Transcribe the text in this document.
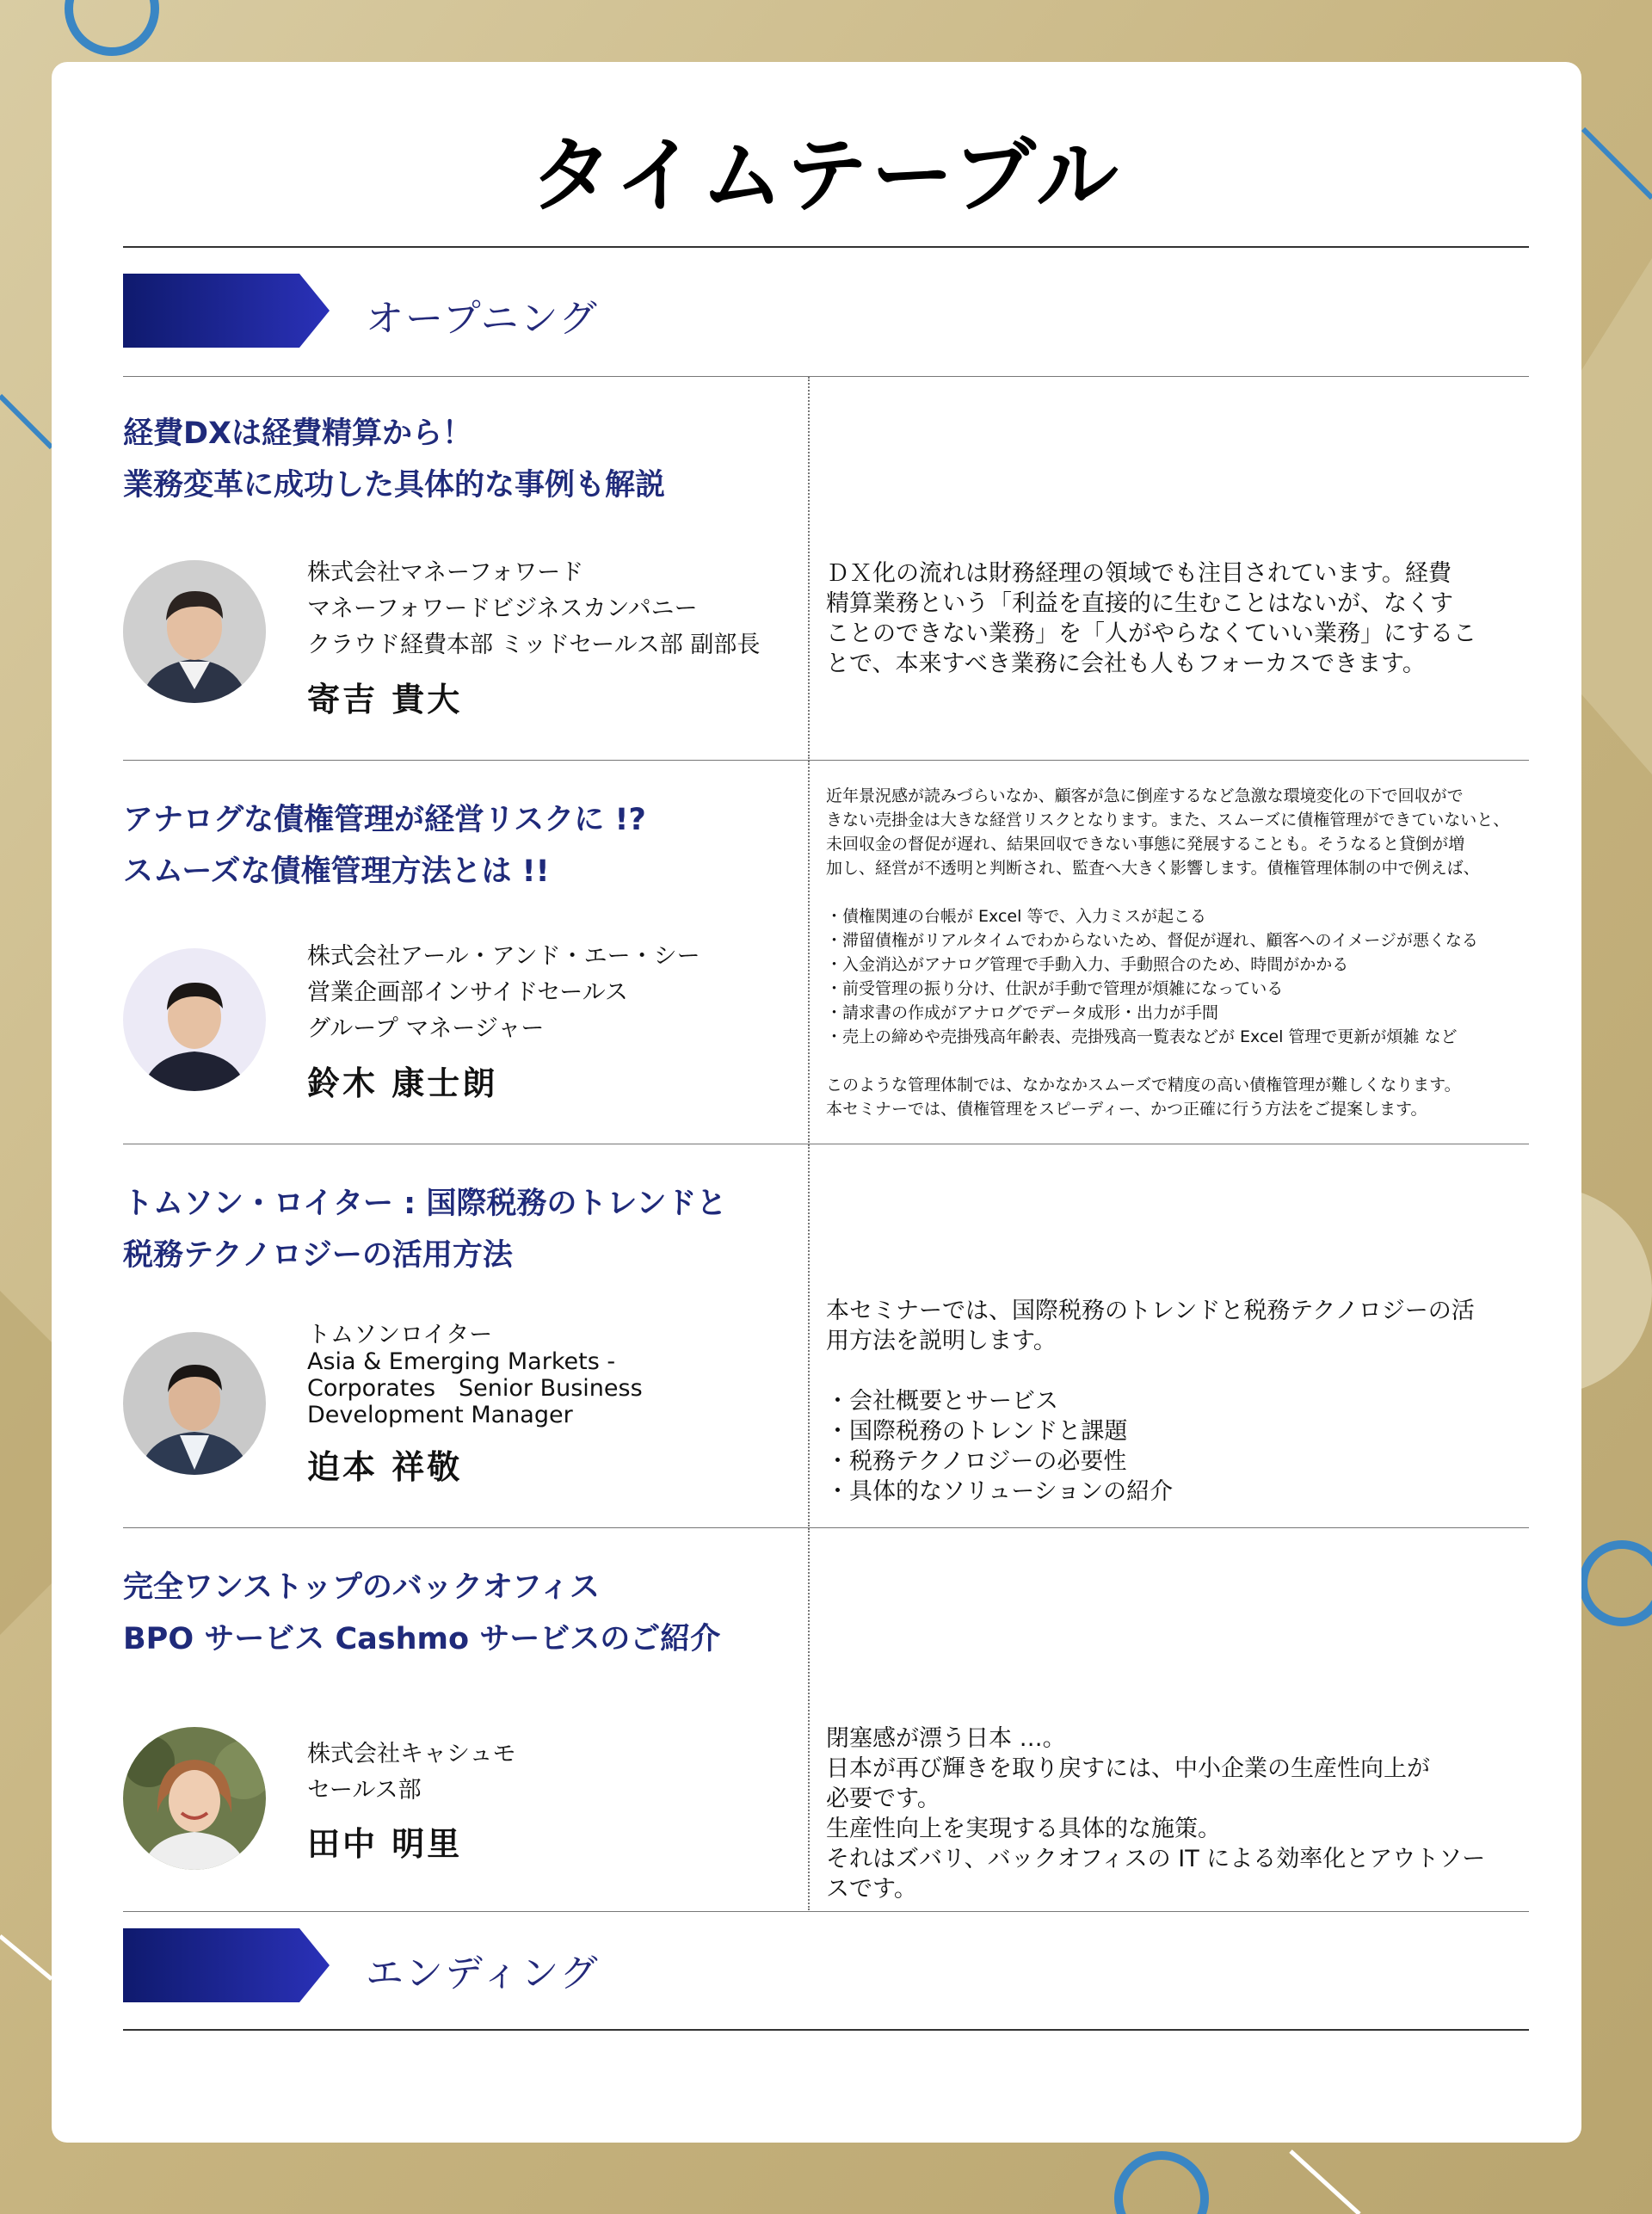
タイムテーブル
オープニング
経費DXは経費精算から！
業務変革に成功した具体的な事例も解説
株式会社マネーフォワード
マネーフォワードビジネスカンパニー
クラウド経費本部 ミッドセールス部 副部長
寄吉 貴大
ＤＸ化の流れは財務経理の領域でも注目されています。経費
精算業務という「利益を直接的に生むことはないが、なくす
ことのできない業務」を「人がやらなくていい業務」にするこ
とで、本来すべき業務に会社も人もフォーカスできます。
アナログな債権管理が経営リスクに !?
スムーズな債権管理方法とは !!
株式会社アール・アンド・エー・シー
営業企画部インサイドセールス
グループ マネージャー
鈴木 康士朗
近年景況感が読みづらいなか、顧客が急に倒産するなど急激な環境変化の下で回収がで
きない売掛金は大きな経営リスクとなります。また、スムーズに債権管理ができていないと、
未回収金の督促が遅れ、結果回収できない事態に発展することも。そうなると貸倒が増
加し、経営が不透明と判断され、監査へ大きく影響します。債権管理体制の中で例えば、
・債権関連の台帳が Excel 等で、入力ミスが起こる
・滞留債権がリアルタイムでわからないため、督促が遅れ、顧客へのイメージが悪くなる
・入金消込がアナログ管理で手動入力、手動照合のため、時間がかかる
・前受管理の振り分け、仕訳が手動で管理が煩雑になっている
・請求書の作成がアナログでデータ成形・出力が手間
・売上の締めや売掛残高年齢表、売掛残高一覧表などが Excel 管理で更新が煩雑 など
このような管理体制では、なかなかスムーズで精度の高い債権管理が難しくなります。
本セミナーでは、債権管理をスピーディー、かつ正確に行う方法をご提案します。
トムソン・ロイター : 国際税務のトレンドと
税務テクノロジーの活用方法
トムソンロイター
Asia & Emerging Markets -
Corporates　Senior Business
Development Manager
迫本 祥敬
本セミナーでは、国際税務のトレンドと税務テクノロジーの活
用方法を説明します。
・会社概要とサービス
・国際税務のトレンドと課題
・税務テクノロジーの必要性
・具体的なソリューションの紹介
完全ワンストップのバックオフィス
BPO サービス Cashmo サービスのご紹介
株式会社キャシュモ
セールス部
田中 明里
閉塞感が漂う日本 …。
日本が再び輝きを取り戻すには、中小企業の生産性向上が
必要です。
生産性向上を実現する具体的な施策。
それはズバリ、バックオフィスの IT による効率化とアウトソー
スです。
エンディング
